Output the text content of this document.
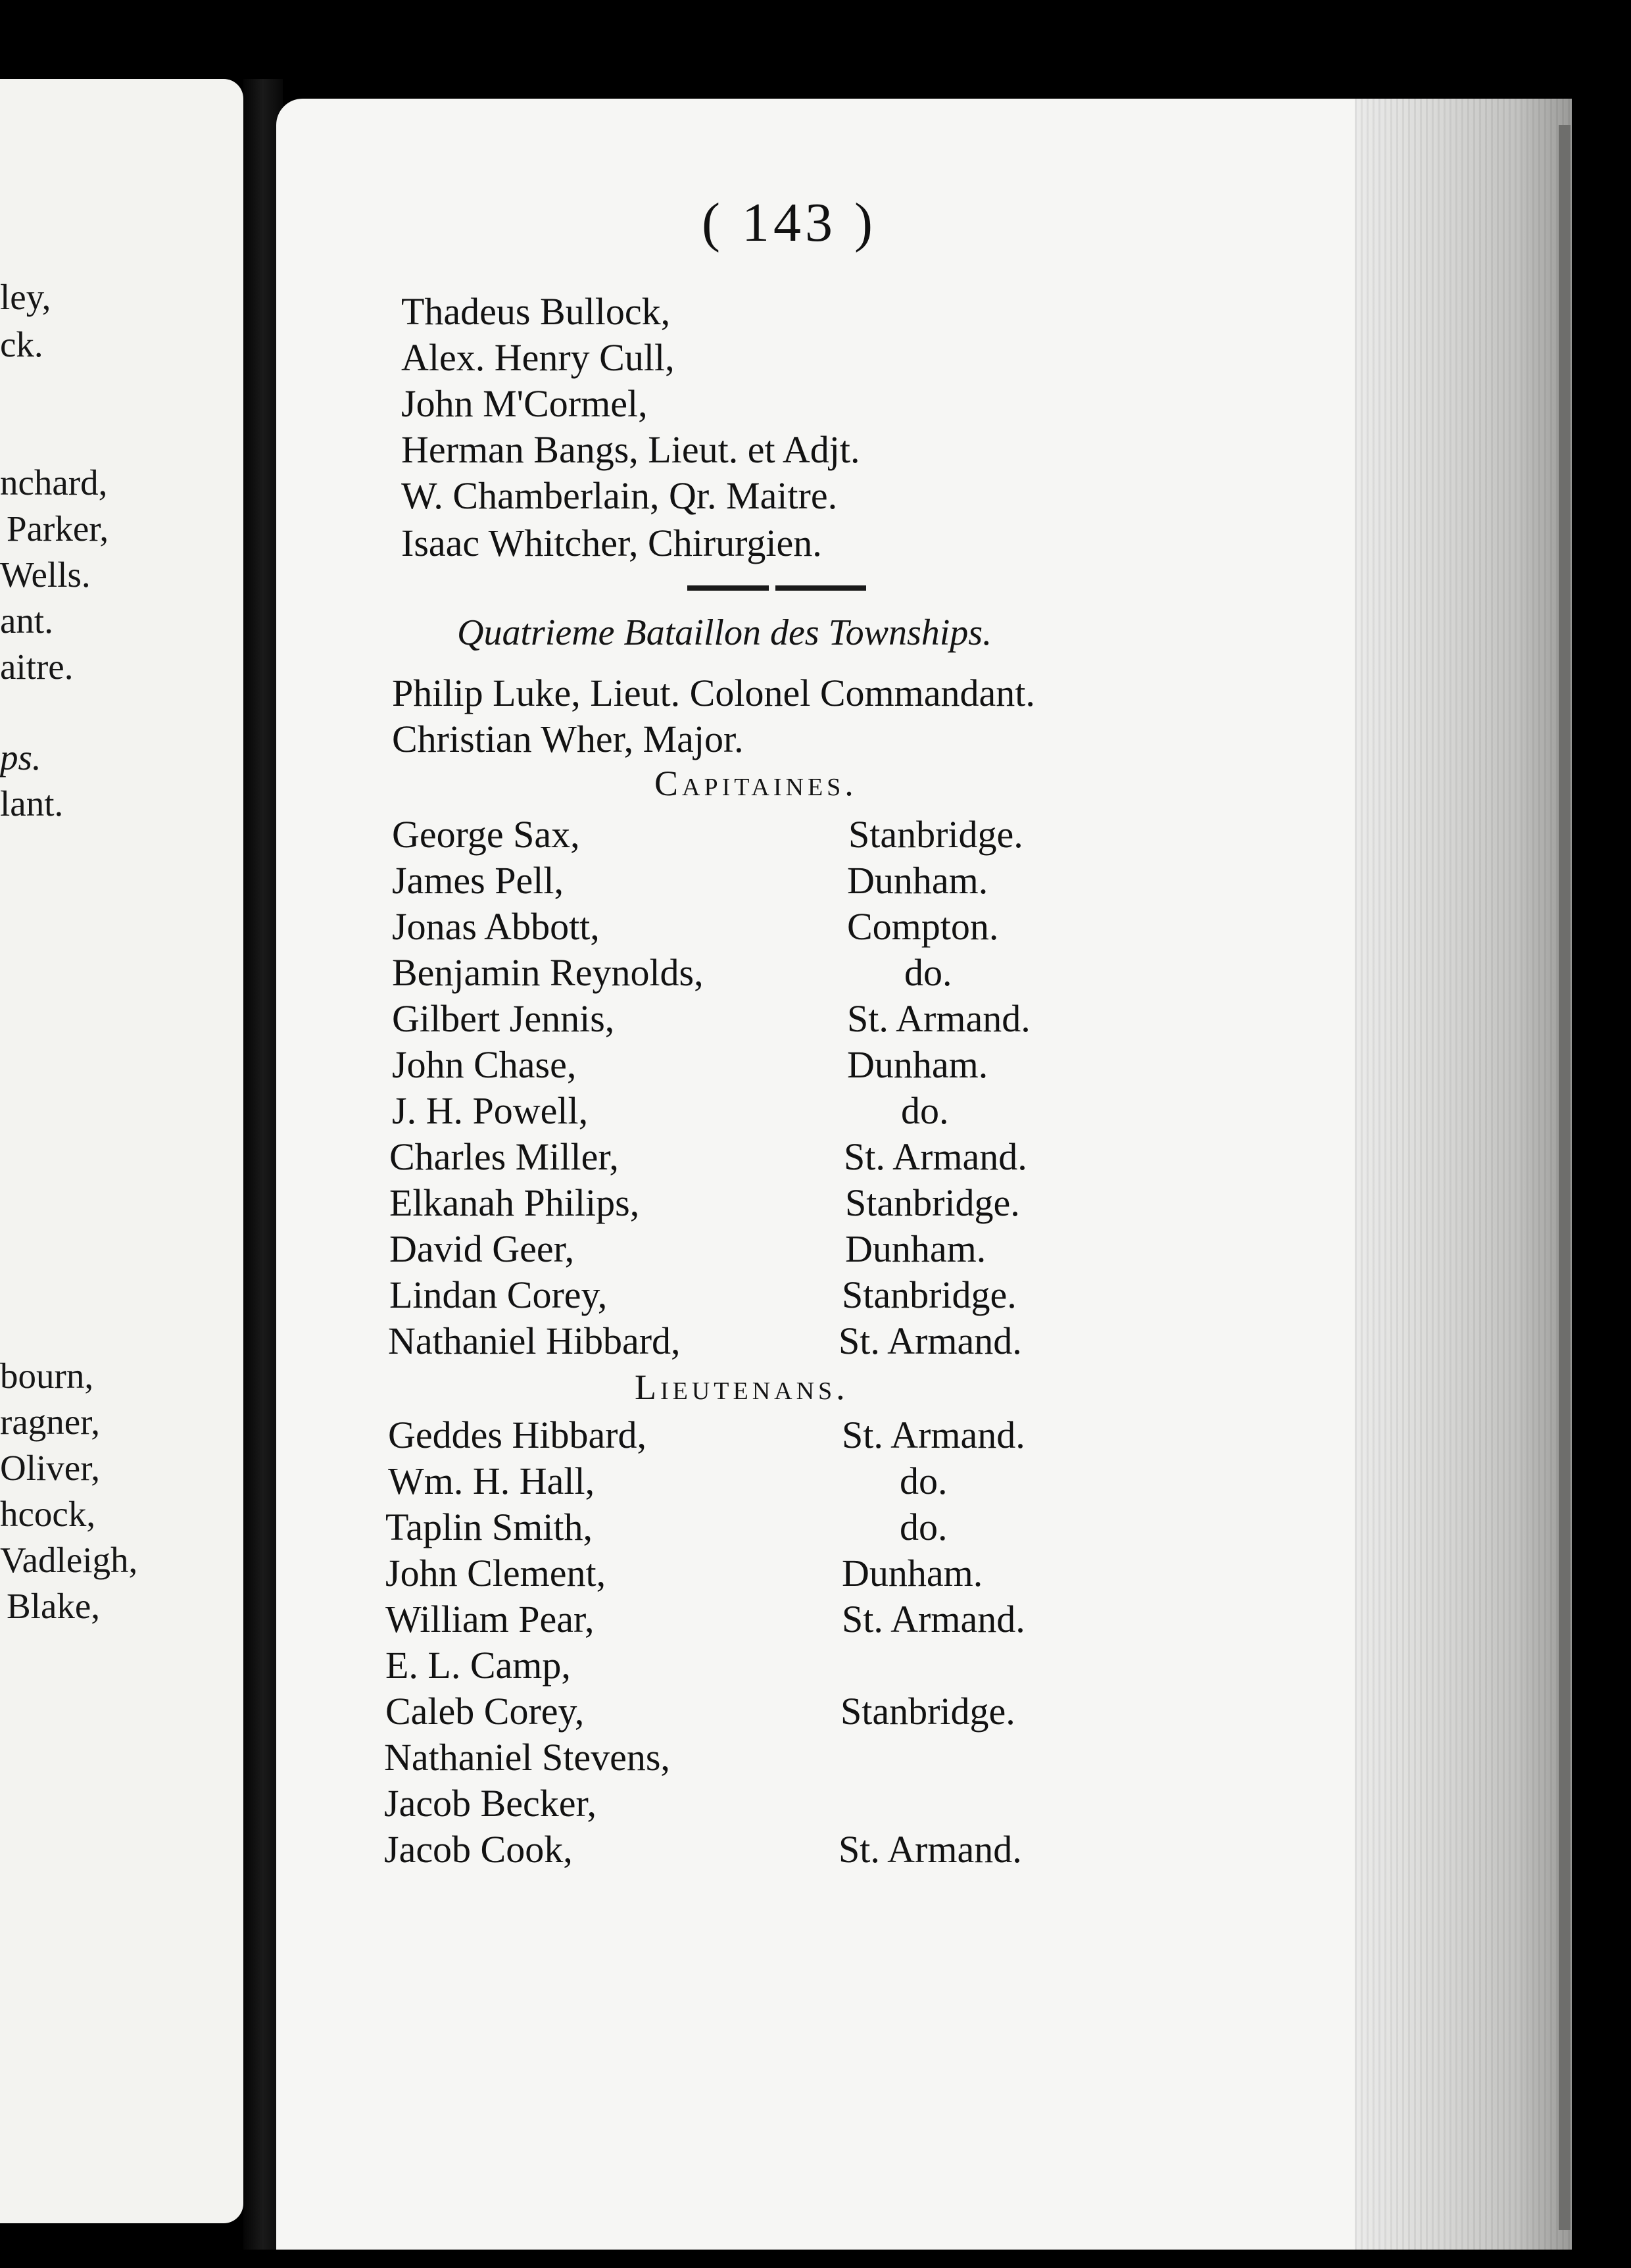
ley,
ck.
nchard,
Parker,
Wells.
ant.
aitre.
ps.
lant.
bourn,
ragner,
Oliver,
hcock,
Vadleigh,
Blake,
( 143 )
Thadeus Bullock,
Alex. Henry Cull,
John M'Cormel,
Herman Bangs, Lieut. et Adjt.
W. Chamberlain, Qr. Maitre.
Isaac Whitcher, Chirurgien.
Quatrieme Bataillon des Townships.
Philip Luke, Lieut. Colonel Commandant.
Christian Wher, Major.
Capitaines.
George Sax,	Stanbridge.
James Pell,	Dunham.
Jonas Abbott,	Compton.
Benjamin Reynolds,	do.
Gilbert Jennis,	St. Armand.
John Chase,	Dunham.
J. H. Powell,	do.
Charles Miller,	St. Armand.
Elkanah Philips,	Stanbridge.
David Geer,	Dunham.
Lindan Corey,	Stanbridge.
Nathaniel Hibbard,	St. Armand.
Lieutenans.
Geddes Hibbard,	St. Armand.
Wm. H. Hall,	do.
Taplin Smith,	do.
John Clement,	Dunham.
William Pear,	St. Armand.
E. L. Camp,
Caleb Corey,	Stanbridge.
Nathaniel Stevens,
Jacob Becker,
Jacob Cook,	St. Armand.
